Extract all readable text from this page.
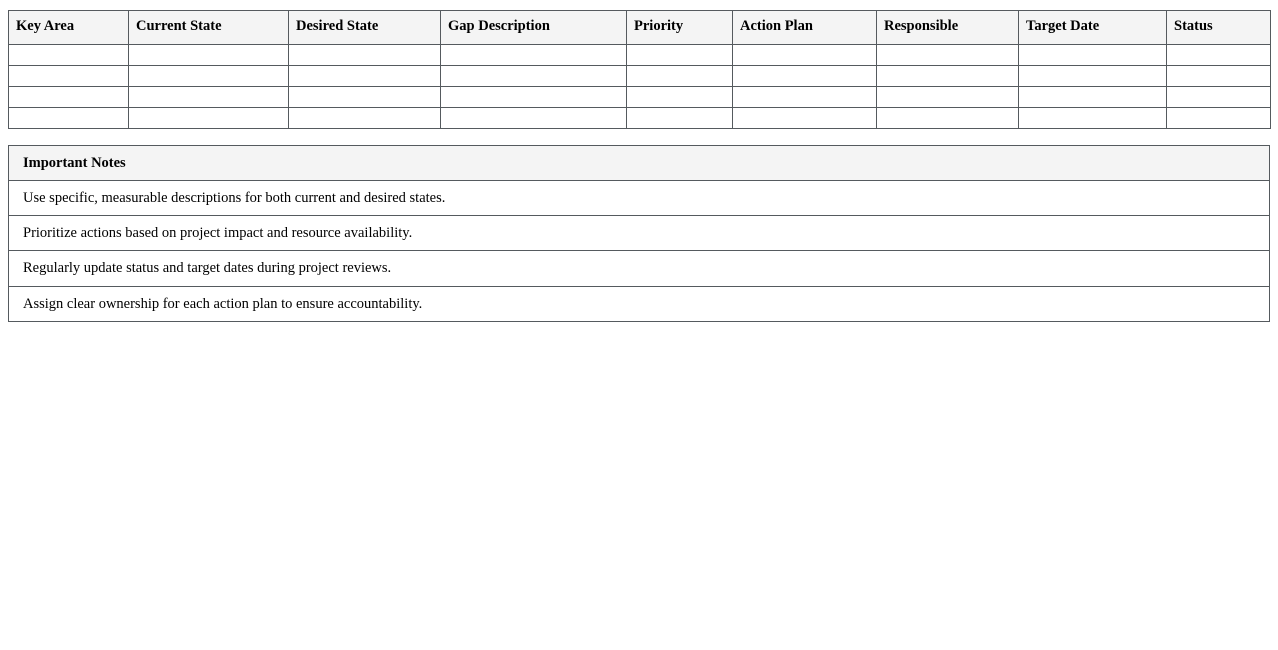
Key Area	Current State	Desired State	Gap Description	Priority	Action Plan	Responsible	Target Date	Status

Important Notes
Use specific, measurable descriptions for both current and desired states.
Prioritize actions based on project impact and resource availability.
Regularly update status and target dates during project reviews.
Assign clear ownership for each action plan to ensure accountability.
